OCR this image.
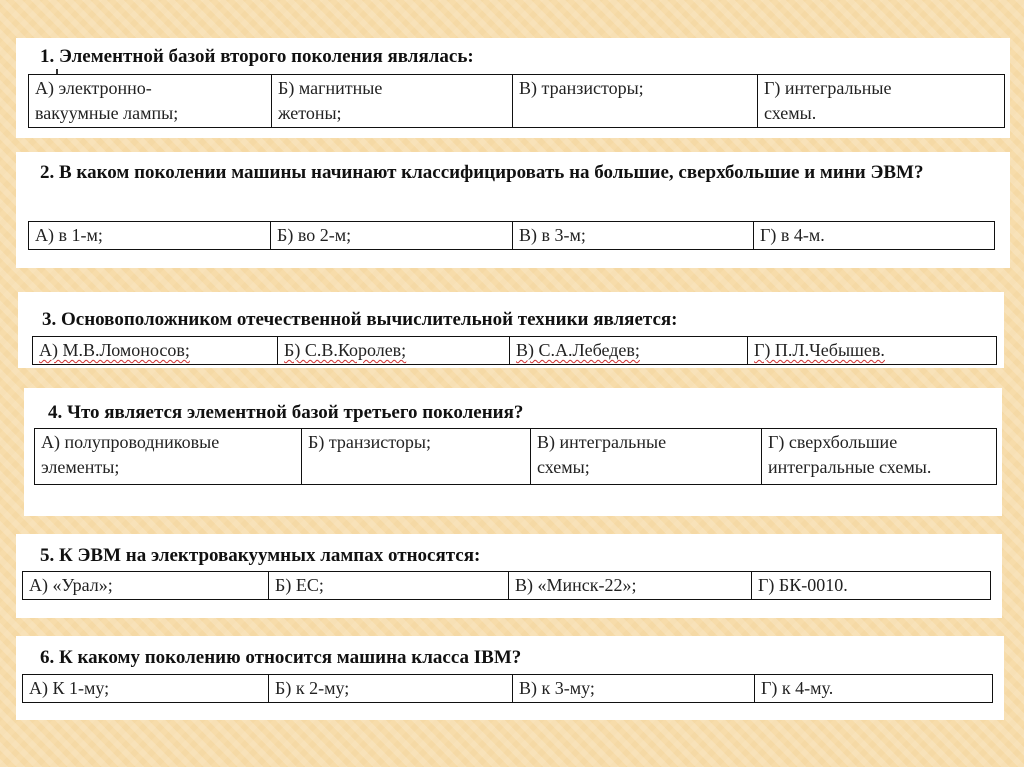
1. Элементной базой второго поколения являлась:

А) электронно-
вакуумные лампы;	Б) магнитные
жетоны;	В) транзисторы;	Г) интегральные
схемы.

2. В каком поколении машины начинают классифицировать на большие, сверхбольшие и мини ЭВМ?

А) в 1-м;	Б) во 2-м;	В) в 3-м;	Г) в 4-м.

3. Основоположником отечественной вычислительной техники является:

А) М.В.Ломоносов;	Б) С.В.Королев;	В) С.А.Лебедев;	Г) П.Л.Чебышев.

4. Что является элементной базой третьего поколения?

А) полупроводниковые
элементы;	Б) транзисторы;	В) интегральные
схемы;	Г) сверхбольшие
интегральные схемы.

5. К ЭВМ на электровакуумных лампах относятся:

А) «Урал»;	Б) ЕС;	В) «Минск-22»;	Г) БК-0010.

6. К какому поколению относится машина класса IBM?

А) К 1-му;	Б) к 2-му;	В) к 3-му;	Г) к 4-му.
